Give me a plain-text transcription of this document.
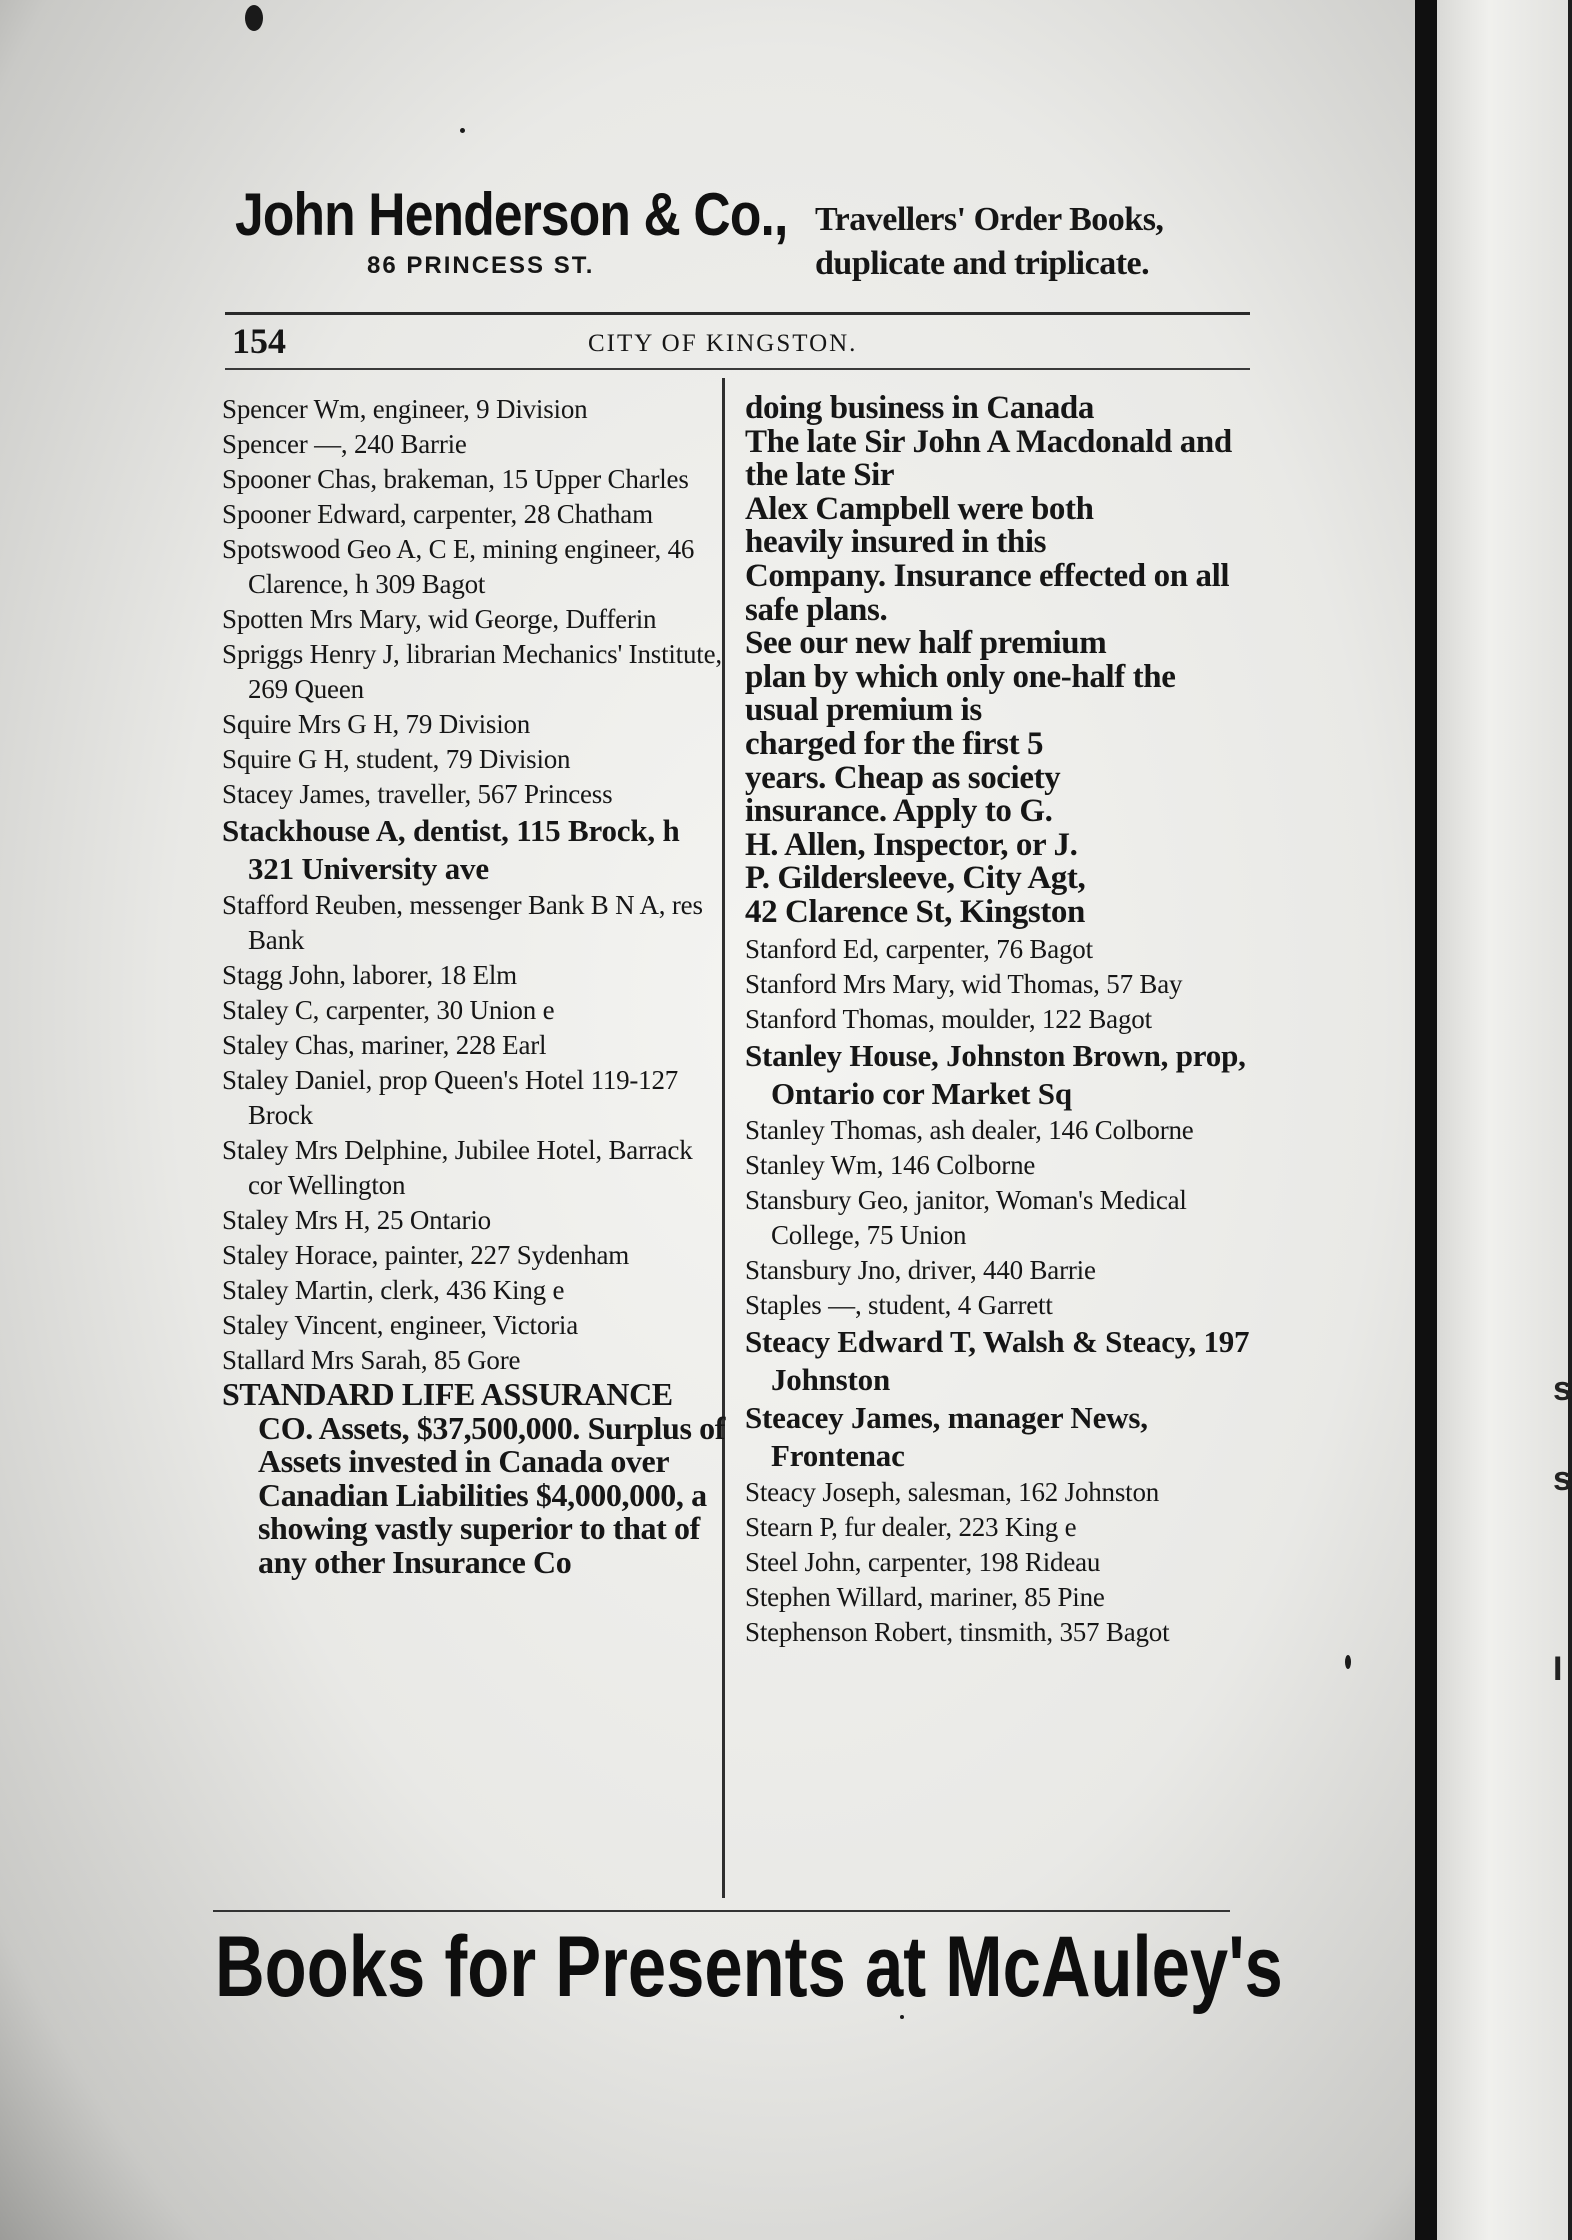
John Henderson & Co.,
86 PRINCESS ST.
Travellers' Order Books,
duplicate and triplicate.
154	CITY OF KINGSTON.

Spencer Wm, engineer, 9 Division

Spencer —, 240 Barrie

Spooner Chas, brakeman, 15 Upper Charles

Spooner Edward, carpenter, 28 Chatham

Spotswood Geo A, C E, mining engineer, 46 Clarence, h 309 Bagot

Spotten Mrs Mary, wid George, Dufferin

Spriggs Henry J, librarian Mechanics' Institute, 269 Queen

Squire Mrs G H, 79 Division

Squire G H, student, 79 Division

Stacey James, traveller, 567 Princess

Stackhouse A, dentist, 115 Brock, h 321 University ave

Stafford Reuben, messenger Bank B N A, res Bank

Stagg John, laborer, 18 Elm

Staley C, carpenter, 30 Union e

Staley Chas, mariner, 228 Earl

Staley Daniel, prop Queen's Hotel 119-127 Brock

Staley Mrs Delphine, Jubilee Hotel, Barrack cor Wellington

Staley Mrs H, 25 Ontario

Staley Horace, painter, 227 Sydenham

Staley Martin, clerk, 436 King e

Staley Vincent, engineer, Victoria

Stallard Mrs Sarah, 85 Gore

STANDARD LIFE ASSURANCE CO. Assets, $37,500,000. Surplus of Assets invested in Canada over Canadian Liabilities $4,000,000, a showing vastly superior to that of any other Insurance Co

doing business in Canada
The late Sir John A Macdonald and the late Sir
Alex Campbell were both
heavily insured in this
Company. Insurance effected on all safe plans.
See our new half premium
plan by which only one-half the usual premium is
charged for the first 5
years. Cheap as society
insurance. Apply to G.
H. Allen, Inspector, or J.
P. Gildersleeve, City Agt,
42 Clarence St, Kingston

Stanford Ed, carpenter, 76 Bagot

Stanford Mrs Mary, wid Thomas, 57 Bay

Stanford Thomas, moulder, 122 Bagot

Stanley House, Johnston Brown, prop, Ontario cor Market Sq

Stanley Thomas, ash dealer, 146 Colborne

Stanley Wm, 146 Colborne

Stansbury Geo, janitor, Woman's Medical College, 75 Union

Stansbury Jno, driver, 440 Barrie

Staples —, student, 4 Garrett

Steacy Edward T, Walsh & Steacy, 197 Johnston

Steacey James, manager News, Frontenac

Steacy Joseph, salesman, 162 Johnston

Stearn P, fur dealer, 223 King e

Steel John, carpenter, 198 Rideau

Stephen Willard, mariner, 85 Pine

Stephenson Robert, tinsmith, 357 Bagot

Books for Presents at McAuley's
s
s
I
